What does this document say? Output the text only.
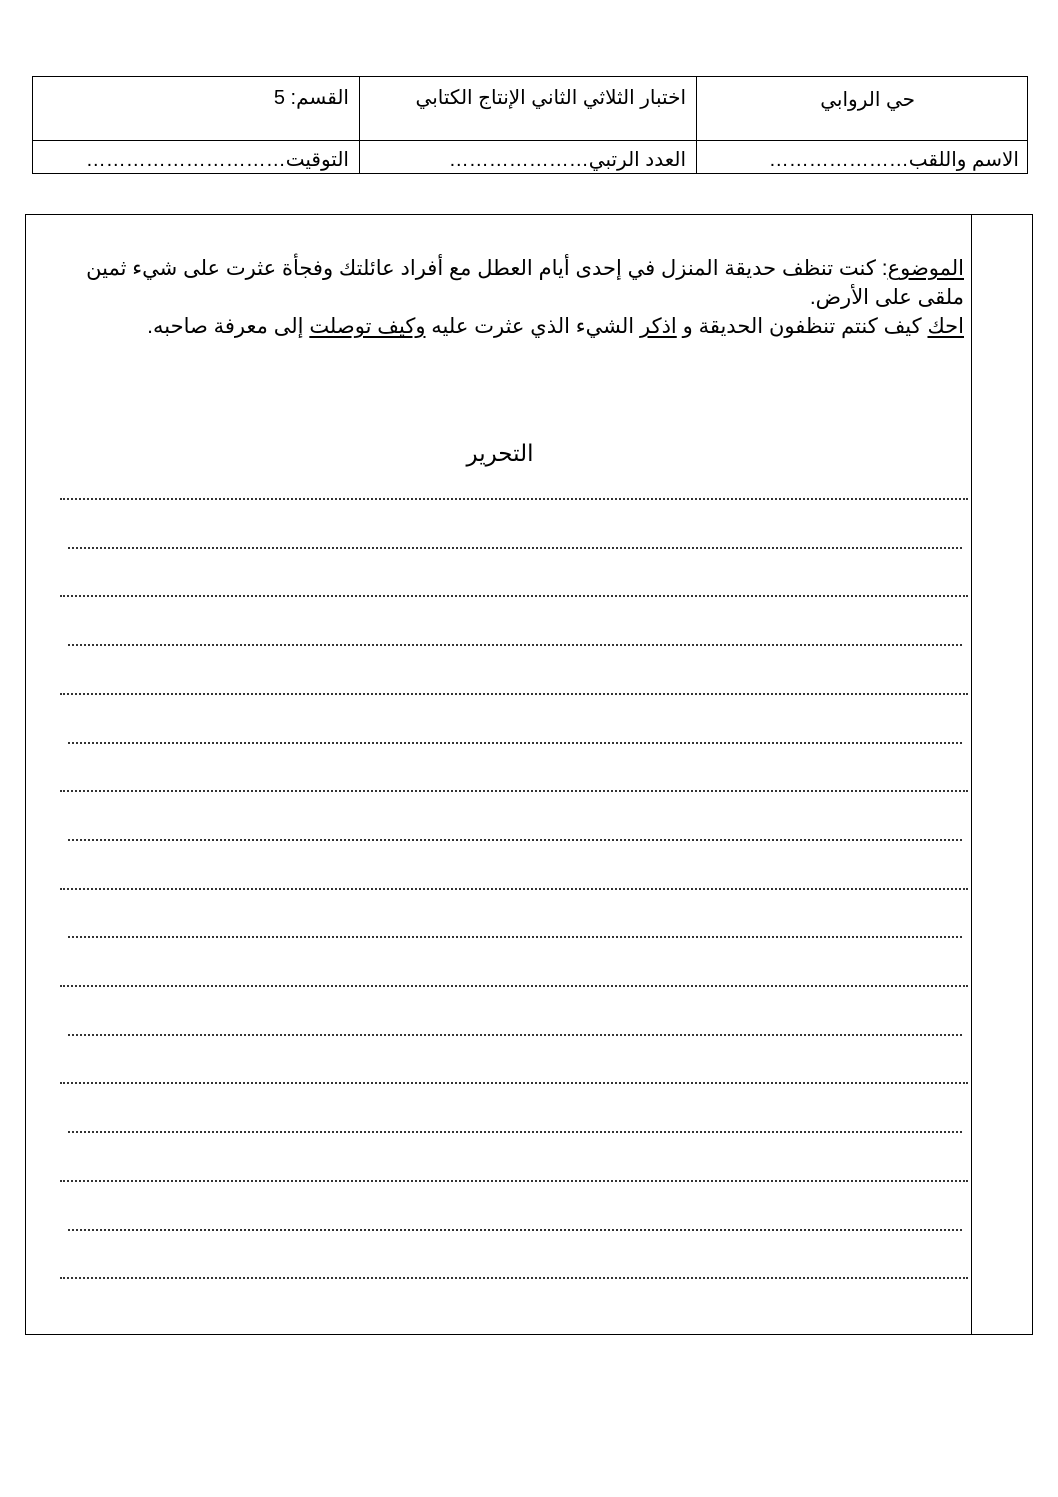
القسم: 5	اختبار الثلاثي الثاني الإنتاج الكتابي	حي الروابي
التوقيت…………………………	العدد الرتبي…………………	الاسم واللقب…………………

الموضوع: كنت تنظف حديقة المنزل في إحدى أيام العطل مع أفراد عائلتك وفجأة عثرت على شيء ثمين ملقى على الأرض.

احك كيف كنتم تنظفون الحديقة و اذكر الشيء الذي عثرت عليه وكيف توصلت إلى معرفة صاحبه.

التحرير
